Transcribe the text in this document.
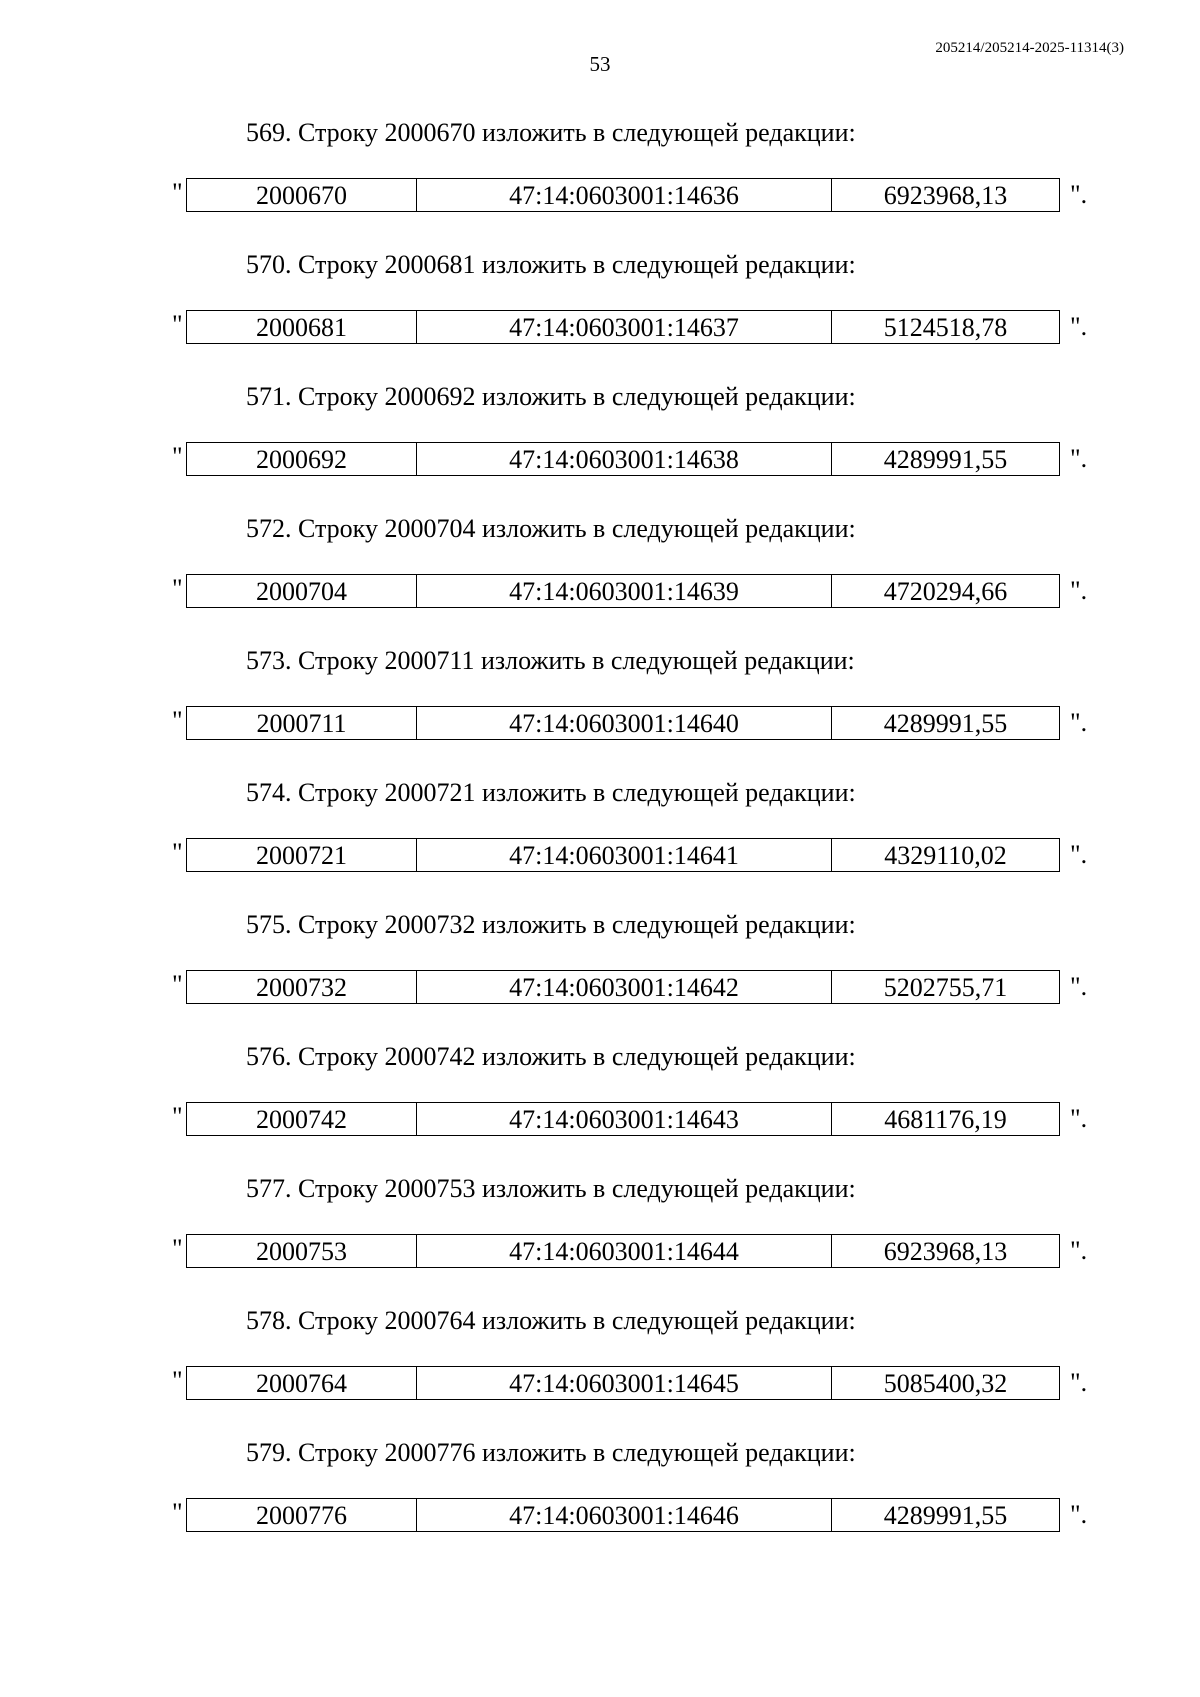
205214/205214-2025-11314(3)
53
569. Строку 2000670 изложить в следующей редакции:
"	2000670	47:14:0603001:14636	6923968,13	".
570. Строку 2000681 изложить в следующей редакции:
"	2000681	47:14:0603001:14637	5124518,78	".
571. Строку 2000692 изложить в следующей редакции:
"	2000692	47:14:0603001:14638	4289991,55	".
572. Строку 2000704 изложить в следующей редакции:
"	2000704	47:14:0603001:14639	4720294,66	".
573. Строку 2000711 изложить в следующей редакции:
"	2000711	47:14:0603001:14640	4289991,55	".
574. Строку 2000721 изложить в следующей редакции:
"	2000721	47:14:0603001:14641	4329110,02	".
575. Строку 2000732 изложить в следующей редакции:
"	2000732	47:14:0603001:14642	5202755,71	".
576. Строку 2000742 изложить в следующей редакции:
"	2000742	47:14:0603001:14643	4681176,19	".
577. Строку 2000753 изложить в следующей редакции:
"	2000753	47:14:0603001:14644	6923968,13	".
578. Строку 2000764 изложить в следующей редакции:
"	2000764	47:14:0603001:14645	5085400,32	".
579. Строку 2000776 изложить в следующей редакции:
"	2000776	47:14:0603001:14646	4289991,55	".
